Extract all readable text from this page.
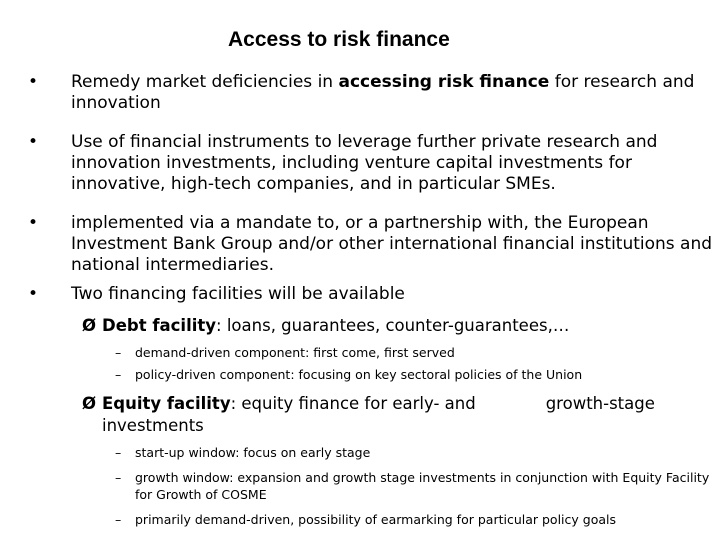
Access to risk finance
• Remedy market deficiencies in accessing risk finance for research and innovation
• Use of financial instruments to leverage further private research and innovation investments, including venture capital investments for innovative, high-tech companies, and in particular SMEs.
• implemented via a mandate to, or a partnership with, the European Investment Bank Group and/or other international financial institutions and national intermediaries.
• Two financing facilities will be available
Ø Debt facility: loans, guarantees, counter-guarantees,…
– demand-driven component: first come, first served
– policy-driven component: focusing on key sectoral policies of the Union
Ø Equity facility: equity finance for early- and	growth-stage investments
– start-up window: focus on early stage
– growth window: expansion and growth stage investments in conjunction with Equity Facility for Growth of COSME
– primarily demand-driven, possibility of earmarking for particular policy goals
